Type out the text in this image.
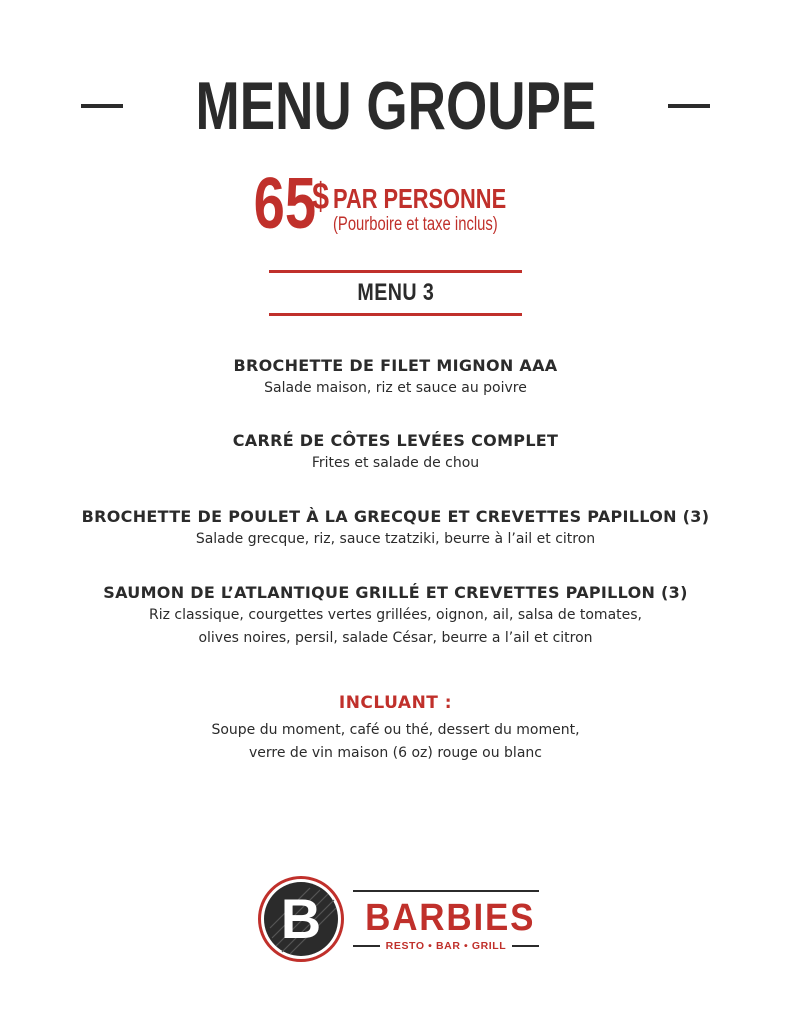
MENU GROUPE
65
$ PAR PERSONNE
(Pourboire et taxe inclus)
MENU 3
BROCHETTE DE FILET MIGNON AAA
Salade maison, riz et sauce au poivre
CARRÉ DE CÔTES LEVÉES COMPLET
Frites et salade de chou
BROCHETTE DE POULET À LA GRECQUE ET CREVETTES PAPILLON (3)
Salade grecque, riz, sauce tzatziki, beurre à l’ail et citron
SAUMON DE L’ATLANTIQUE GRILLÉ ET CREVETTES PAPILLON (3)
Riz classique, courgettes vertes grillées, oignon, ail, salsa de tomates,
olives noires, persil, salade César, beurre a l’ail et citron
INCLUANT :
Soupe du moment, café ou thé, dessert du moment,
verre de vin maison (6 oz) rouge ou blanc
B BARBIES
RESTO • BAR • GRILL
